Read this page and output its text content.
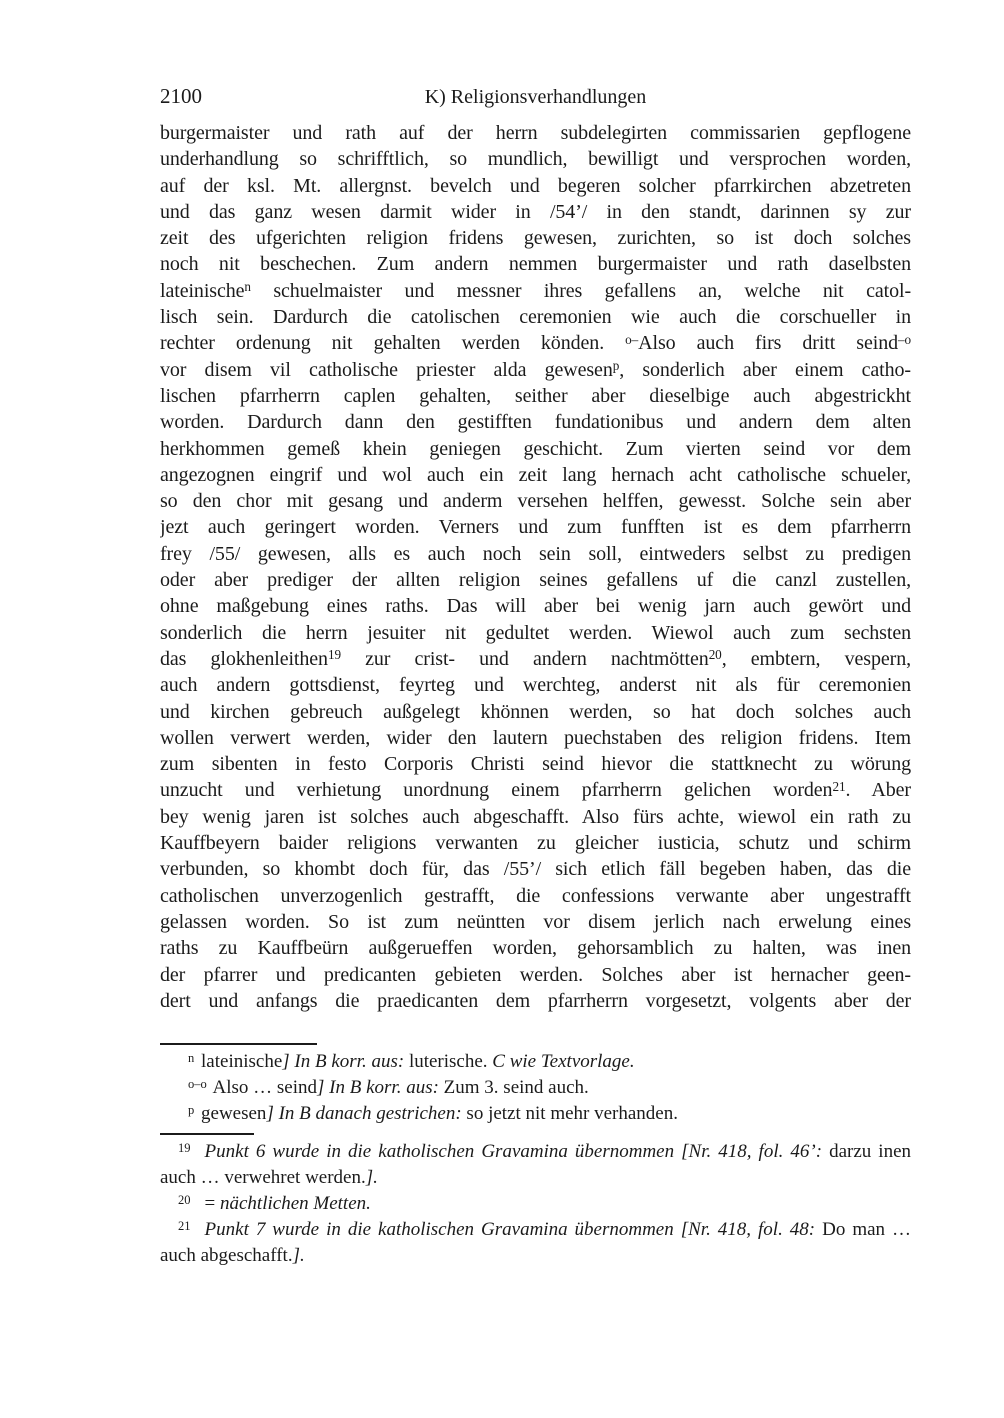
2100	K) Religionsverhandlungen
burgermaister und rath auf der herrn subdelegirten commissarien gepflogene
underhandlung so schrifftlich, so mundlich, bewilligt und versprochen worden,
auf der ksl. Mt. allergnst. bevelch und begeren solcher pfarrkirchen abzetreten
und das ganz wesen darmit wider in /54’/ in den standt, darinnen sy zur
zeit des ufgerichten religion fridens gewesen, zurichten, so ist doch solches
noch nit beschechen. Zum andern nemmen burgermaister und rath daselbsten
lateinische$^n$ schuelmaister und messner ihres gefallens an, welche nit catol-
lisch sein. Dardurch die catolischen ceremonien wie auch die corschueller in
rechter ordenung nit gehalten werden könden. $^{o-}$Also auch firs dritt seind$^{-o}$
vor disem vil catholische priester alda gewesen$^p$, sonderlich aber einem catho-
lischen pfarrherrn caplen gehalten, seither aber dieselbige auch abgestrickht
worden. Dardurch dann den gestifften fundationibus und andern dem alten
herkhommen gemeß khein geniegen geschicht. Zum vierten seind vor dem
angezognen eingrif und wol auch ein zeit lang hernach acht catholische schueler,
so den chor mit gesang und anderm versehen helffen, gewesst. Solche sein aber
jezt auch geringert worden. Verners und zum funfften ist es dem pfarrherrn
frey /55/ gewesen, alls es auch noch sein soll, eintweders selbst zu predigen
oder aber prediger der allten religion seines gefallens uf die canzl zustellen,
ohne maßgebung eines raths. Das will aber bei wenig jarn auch gewört und
sonderlich die herrn jesuiter nit gedultet werden. Wiewol auch zum sechsten
das glokhenleithen$^{19}$ zur crist- und andern nachtmötten$^{20}$, embtern, vespern,
auch andern gottsdienst, feyrteg und werchteg, anderst nit als für ceremonien
und kirchen gebreuch außgelegt khönnen werden, so hat doch solches auch
wollen verwert werden, wider den lautern puechstaben des religion fridens. Item
zum sibenten in festo Corporis Christi seind hievor die stattknecht zu wörung
unzucht und verhietung unordnung einem pfarrherrn gelichen worden$^{21}$. Aber
bey wenig jaren ist solches auch abgeschafft. Also fürs achte, wiewol ein rath zu
Kauffbeyern baider religions verwanten zu gleicher iusticia, schutz und schirm
verbunden, so khombt doch für, das /55’/ sich etlich fäll begeben haben, das die
catholischen unverzogenlich gestrafft, die confessions verwante aber ungestrafft
gelassen worden. So ist zum neüntten vor disem jerlich nach erwelung eines
raths zu Kauffbeürn außgerueffen worden, gehorsamblich zu halten, was inen
der pfarrer und predicanten gebieten werden. Solches aber ist hernacher geen-
dert und anfangs die praedicanten dem pfarrherrn vorgesetzt, volgents aber der
$^n$ lateinische] In B korr. aus: luterische. C wie Textvorlage.
$^{o-o}$ Also … seind] In B korr. aus: Zum 3. seind auch.
$^p$ gewesen] In B danach gestrichen: so jetzt nit mehr verhanden.
$^{19}$ Punkt 6 wurde in die katholischen Gravamina übernommen [Nr. 418, fol. 46’: darzu inen auch … verwehret werden.].
$^{20}$ = nächtlichen Metten.
$^{21}$ Punkt 7 wurde in die katholischen Gravamina übernommen [Nr. 418, fol. 48: Do man … auch abgeschafft.].
